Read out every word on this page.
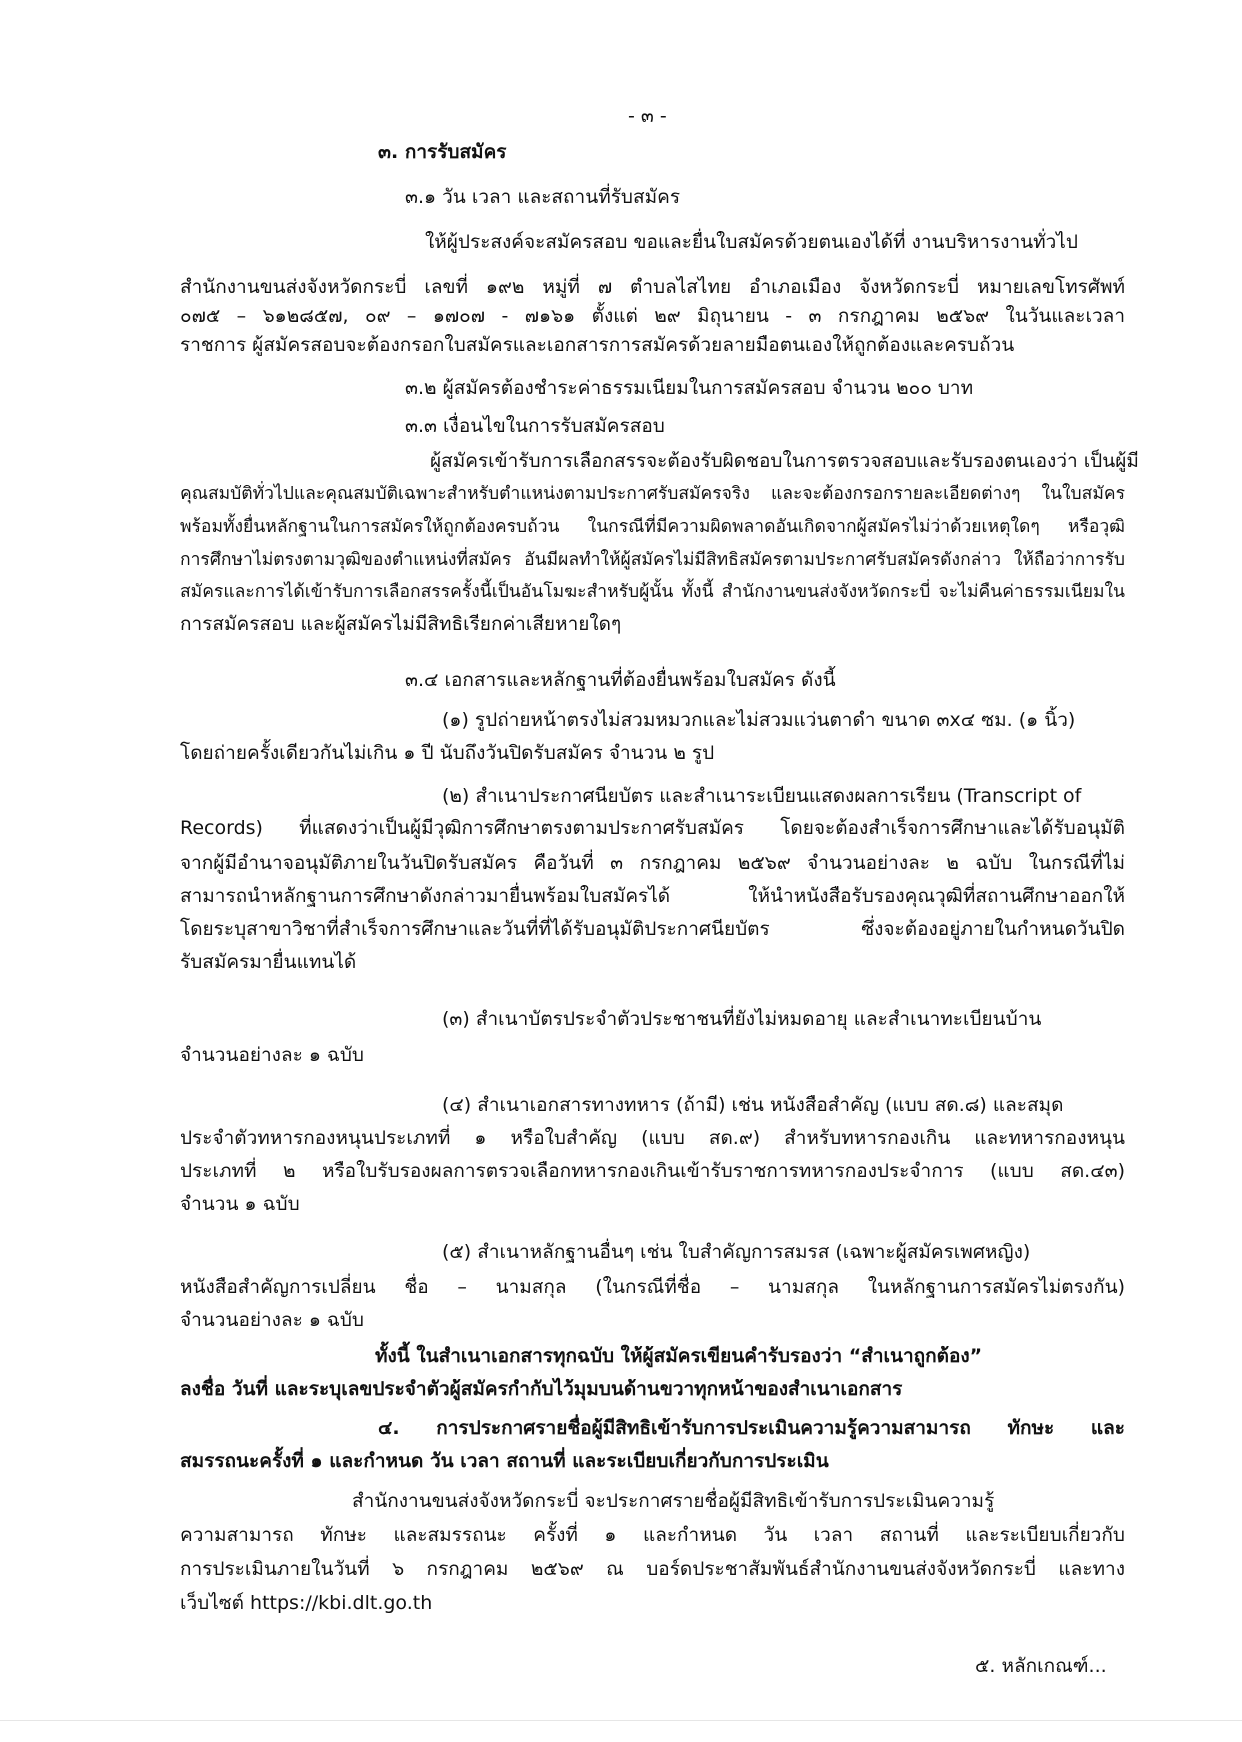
- ๓ -
๓. การรับสมัคร
๓.๑ วัน เวลา และสถานที่รับสมัคร
ให้ผู้ประสงค์จะสมัครสอบ ขอและยื่นใบสมัครด้วยตนเองได้ที่ งานบริหารงานทั่วไป
สำนักงานขนส่งจังหวัดกระบี่ เลขที่ ๑๙๒ หมู่ที่ ๗ ตำบลไสไทย อำเภอเมือง จังหวัดกระบี่ หมายเลขโทรศัพท์
๐๗๕ – ๖๑๒๘๕๗, ๐๙ – ๑๗๐๗ - ๗๑๖๑ ตั้งแต่ ๒๙ มิถุนายน - ๓ กรกฎาคม ๒๕๖๙ ในวันและเวลา
ราชการ ผู้สมัครสอบจะต้องกรอกใบสมัครและเอกสารการสมัครด้วยลายมือตนเองให้ถูกต้องและครบถ้วน
๓.๒ ผู้สมัครต้องชำระค่าธรรมเนียมในการสมัครสอบ จำนวน ๒๐๐ บาท
๓.๓ เงื่อนไขในการรับสมัครสอบ
ผู้สมัครเข้ารับการเลือกสรรจะต้องรับผิดชอบในการตรวจสอบและรับรองตนเองว่า เป็นผู้มี
คุณสมบัติทั่วไปและคุณสมบัติเฉพาะสำหรับตำแหน่งตามประกาศรับสมัครจริง และจะต้องกรอกรายละเอียดต่างๆ ในใบสมัคร
พร้อมทั้งยื่นหลักฐานในการสมัครให้ถูกต้องครบถ้วน ในกรณีที่มีความผิดพลาดอันเกิดจากผู้สมัครไม่ว่าด้วยเหตุใดๆ หรือวุฒิ
การศึกษาไม่ตรงตามวุฒิของตำแหน่งที่สมัคร อันมีผลทำให้ผู้สมัครไม่มีสิทธิสมัครตามประกาศรับสมัครดังกล่าว ให้ถือว่าการรับ
สมัครและการได้เข้ารับการเลือกสรรครั้งนี้เป็นอันโมฆะสำหรับผู้นั้น ทั้งนี้ สำนักงานขนส่งจังหวัดกระบี่ จะไม่คืนค่าธรรมเนียมใน
การสมัครสอบ และผู้สมัครไม่มีสิทธิเรียกค่าเสียหายใดๆ
๓.๔ เอกสารและหลักฐานที่ต้องยื่นพร้อมใบสมัคร ดังนี้
(๑) รูปถ่ายหน้าตรงไม่สวมหมวกและไม่สวมแว่นตาดำ ขนาด ๓x๔ ซม. (๑ นิ้ว)
โดยถ่ายครั้งเดียวกันไม่เกิน ๑ ปี นับถึงวันปิดรับสมัคร จำนวน ๒ รูป
(๒) สำเนาประกาศนียบัตร และสำเนาระเบียนแสดงผลการเรียน (Transcript of
Records) ที่แสดงว่าเป็นผู้มีวุฒิการศึกษาตรงตามประกาศรับสมัคร โดยจะต้องสำเร็จการศึกษาและได้รับอนุมัติ
จากผู้มีอำนาจอนุมัติภายในวันปิดรับสมัคร คือวันที่ ๓ กรกฎาคม ๒๕๖๙ จำนวนอย่างละ ๒ ฉบับ ในกรณีที่ไม่
สามารถนำหลักฐานการศึกษาดังกล่าวมายื่นพร้อมใบสมัครได้ ให้นำหนังสือรับรองคุณวุฒิที่สถานศึกษาออกให้
โดยระบุสาขาวิชาที่สำเร็จการศึกษาและวันที่ที่ได้รับอนุมัติประกาศนียบัตร ซึ่งจะต้องอยู่ภายในกำหนดวันปิด
รับสมัครมายื่นแทนได้
(๓) สำเนาบัตรประจำตัวประชาชนที่ยังไม่หมดอายุ และสำเนาทะเบียนบ้าน
จำนวนอย่างละ ๑ ฉบับ
(๔) สำเนาเอกสารทางทหาร (ถ้ามี) เช่น หนังสือสำคัญ (แบบ สด.๘) และสมุด
ประจำตัวทหารกองหนุนประเภทที่ ๑ หรือใบสำคัญ (แบบ สด.๙) สำหรับทหารกองเกิน และทหารกองหนุน
ประเภทที่ ๒ หรือใบรับรองผลการตรวจเลือกทหารกองเกินเข้ารับราชการทหารกองประจำการ (แบบ สด.๔๓)
จำนวน ๑ ฉบับ
(๕) สำเนาหลักฐานอื่นๆ เช่น ใบสำคัญการสมรส (เฉพาะผู้สมัครเพศหญิง)
หนังสือสำคัญการเปลี่ยน ชื่อ – นามสกุล (ในกรณีที่ชื่อ – นามสกุล ในหลักฐานการสมัครไม่ตรงกัน)
จำนวนอย่างละ ๑ ฉบับ
ทั้งนี้ ในสำเนาเอกสารทุกฉบับ ให้ผู้สมัครเขียนคำรับรองว่า “สำเนาถูกต้อง”
ลงชื่อ วันที่ และระบุเลขประจำตัวผู้สมัครกำกับไว้มุมบนด้านขวาทุกหน้าของสำเนาเอกสาร
๔. การประกาศรายชื่อผู้มีสิทธิเข้ารับการประเมินความรู้ความสามารถ ทักษะ และ
สมรรถนะครั้งที่ ๑ และกำหนด วัน เวลา สถานที่ และระเบียบเกี่ยวกับการประเมิน
สำนักงานขนส่งจังหวัดกระบี่ จะประกาศรายชื่อผู้มีสิทธิเข้ารับการประเมินความรู้
ความสามารถ ทักษะ และสมรรถนะ ครั้งที่ ๑ และกำหนด วัน เวลา สถานที่ และระเบียบเกี่ยวกับ
การประเมินภายในวันที่ ๖ กรกฎาคม ๒๕๖๙ ณ บอร์ดประชาสัมพันธ์สำนักงานขนส่งจังหวัดกระบี่ และทาง
เว็บไซต์ https://kbi.dlt.go.th
๕. หลักเกณฑ์...
